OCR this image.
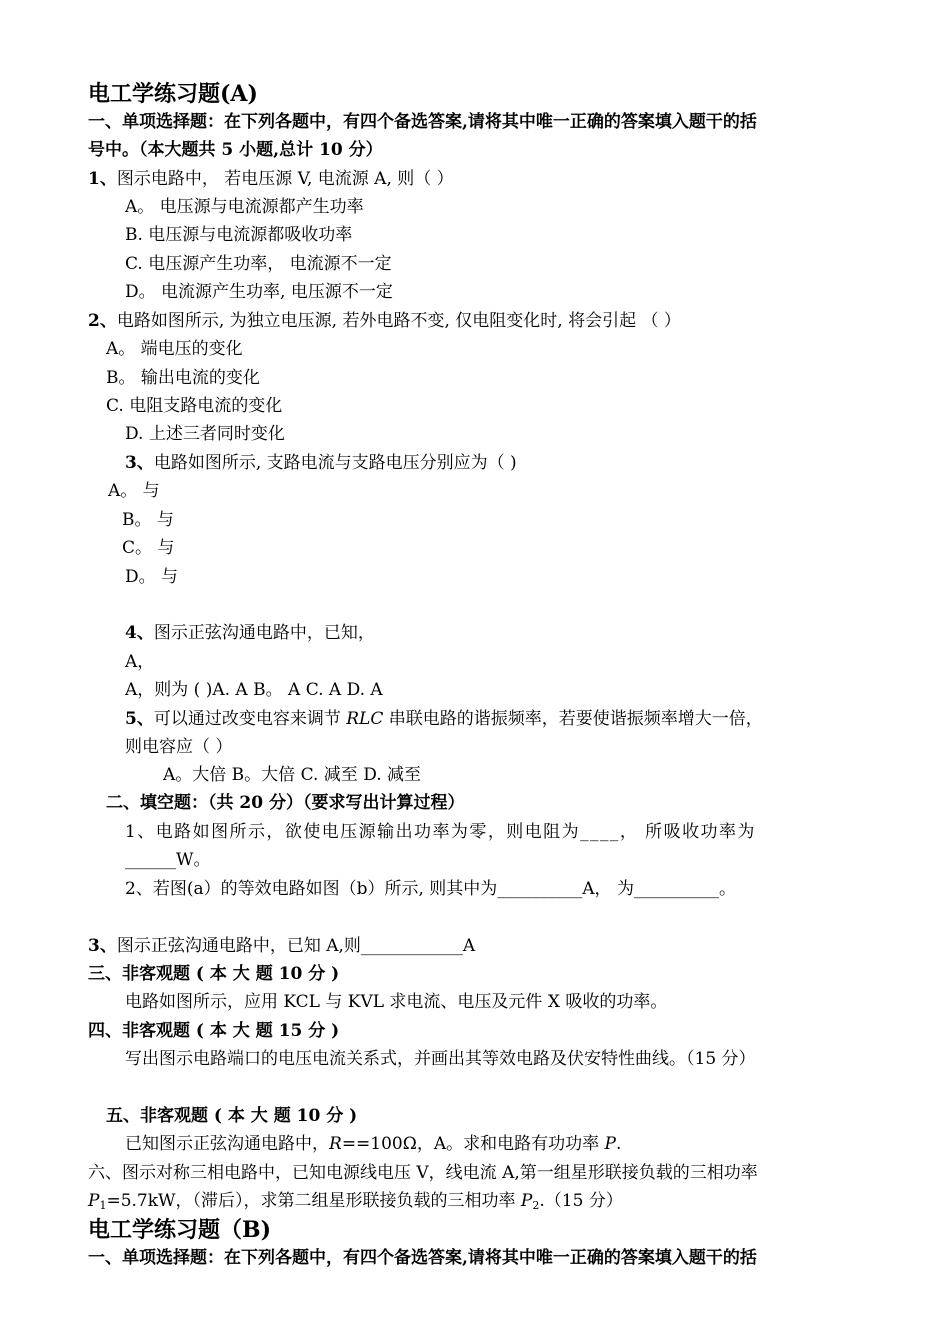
电工学练习题(A)
一、单项选择题：在下列各题中，有四个备选答案,请将其中唯一正确的答案填入题干的括
号中。（本大题共 5 小题,总计 10 分）
1、图示电路中， 若电压源 V, 电流源 A, 则（ ）
A。 电压源与电流源都产生功率
B. 电压源与电流源都吸收功率
C. 电压源产生功率， 电流源不一定
D。 电流源产生功率, 电压源不一定
2、电路如图所示, 为独立电压源, 若外电路不变, 仅电阻变化时, 将会引起 （ ）
A。 端电压的变化
B。 输出电流的变化
C. 电阻支路电流的变化
D. 上述三者同时变化
3、电路如图所示, 支路电流与支路电压分别应为（ )
A。 与
B。 与
C。 与
D。 与
4、图示正弦沟通电路中，已知，
A，
A，则为 ( )A. A B。 A C. A D. A
5、可以通过改变电容来调节 RLC 串联电路的谐振频率，若要使谐振频率增大一倍，
则电容应（ ）
A。大倍 B。大倍 C. 减至 D. 减至
二、填空题：（共 20 分）（要求写出计算过程）
1、电路如图所示，欲使电压源输出功率为零，则电阻为____， 所吸收功率为
______W。
2、若图(a）的等效电路如图（b）所示, 则其中为__________A， 为__________。
3、图示正弦沟通电路中，已知 A,则____________A
三、非客观题 ( 本 大 题 10 分 )
电路如图所示，应用 KCL 与 KVL 求电流、电压及元件 X 吸收的功率。
四、非客观题 ( 本 大 题 15 分 )
写出图示电路端口的电压电流关系式，并画出其等效电路及伏安特性曲线。（15 分）
五、非客观题 ( 本 大 题 10 分 )
已知图示正弦沟通电路中，R==100Ω，A。求和电路有功功率 P.
六、图示对称三相电路中，已知电源线电压 V，线电流 A,第一组星形联接负载的三相功率
$P_1=5.7kW$，（滞后），求第二组星形联接负载的三相功率 $P_2.(15$ 分）
电工学练习题（B)
一、单项选择题：在下列各题中，有四个备选答案,请将其中唯一正确的答案填入题干的括
